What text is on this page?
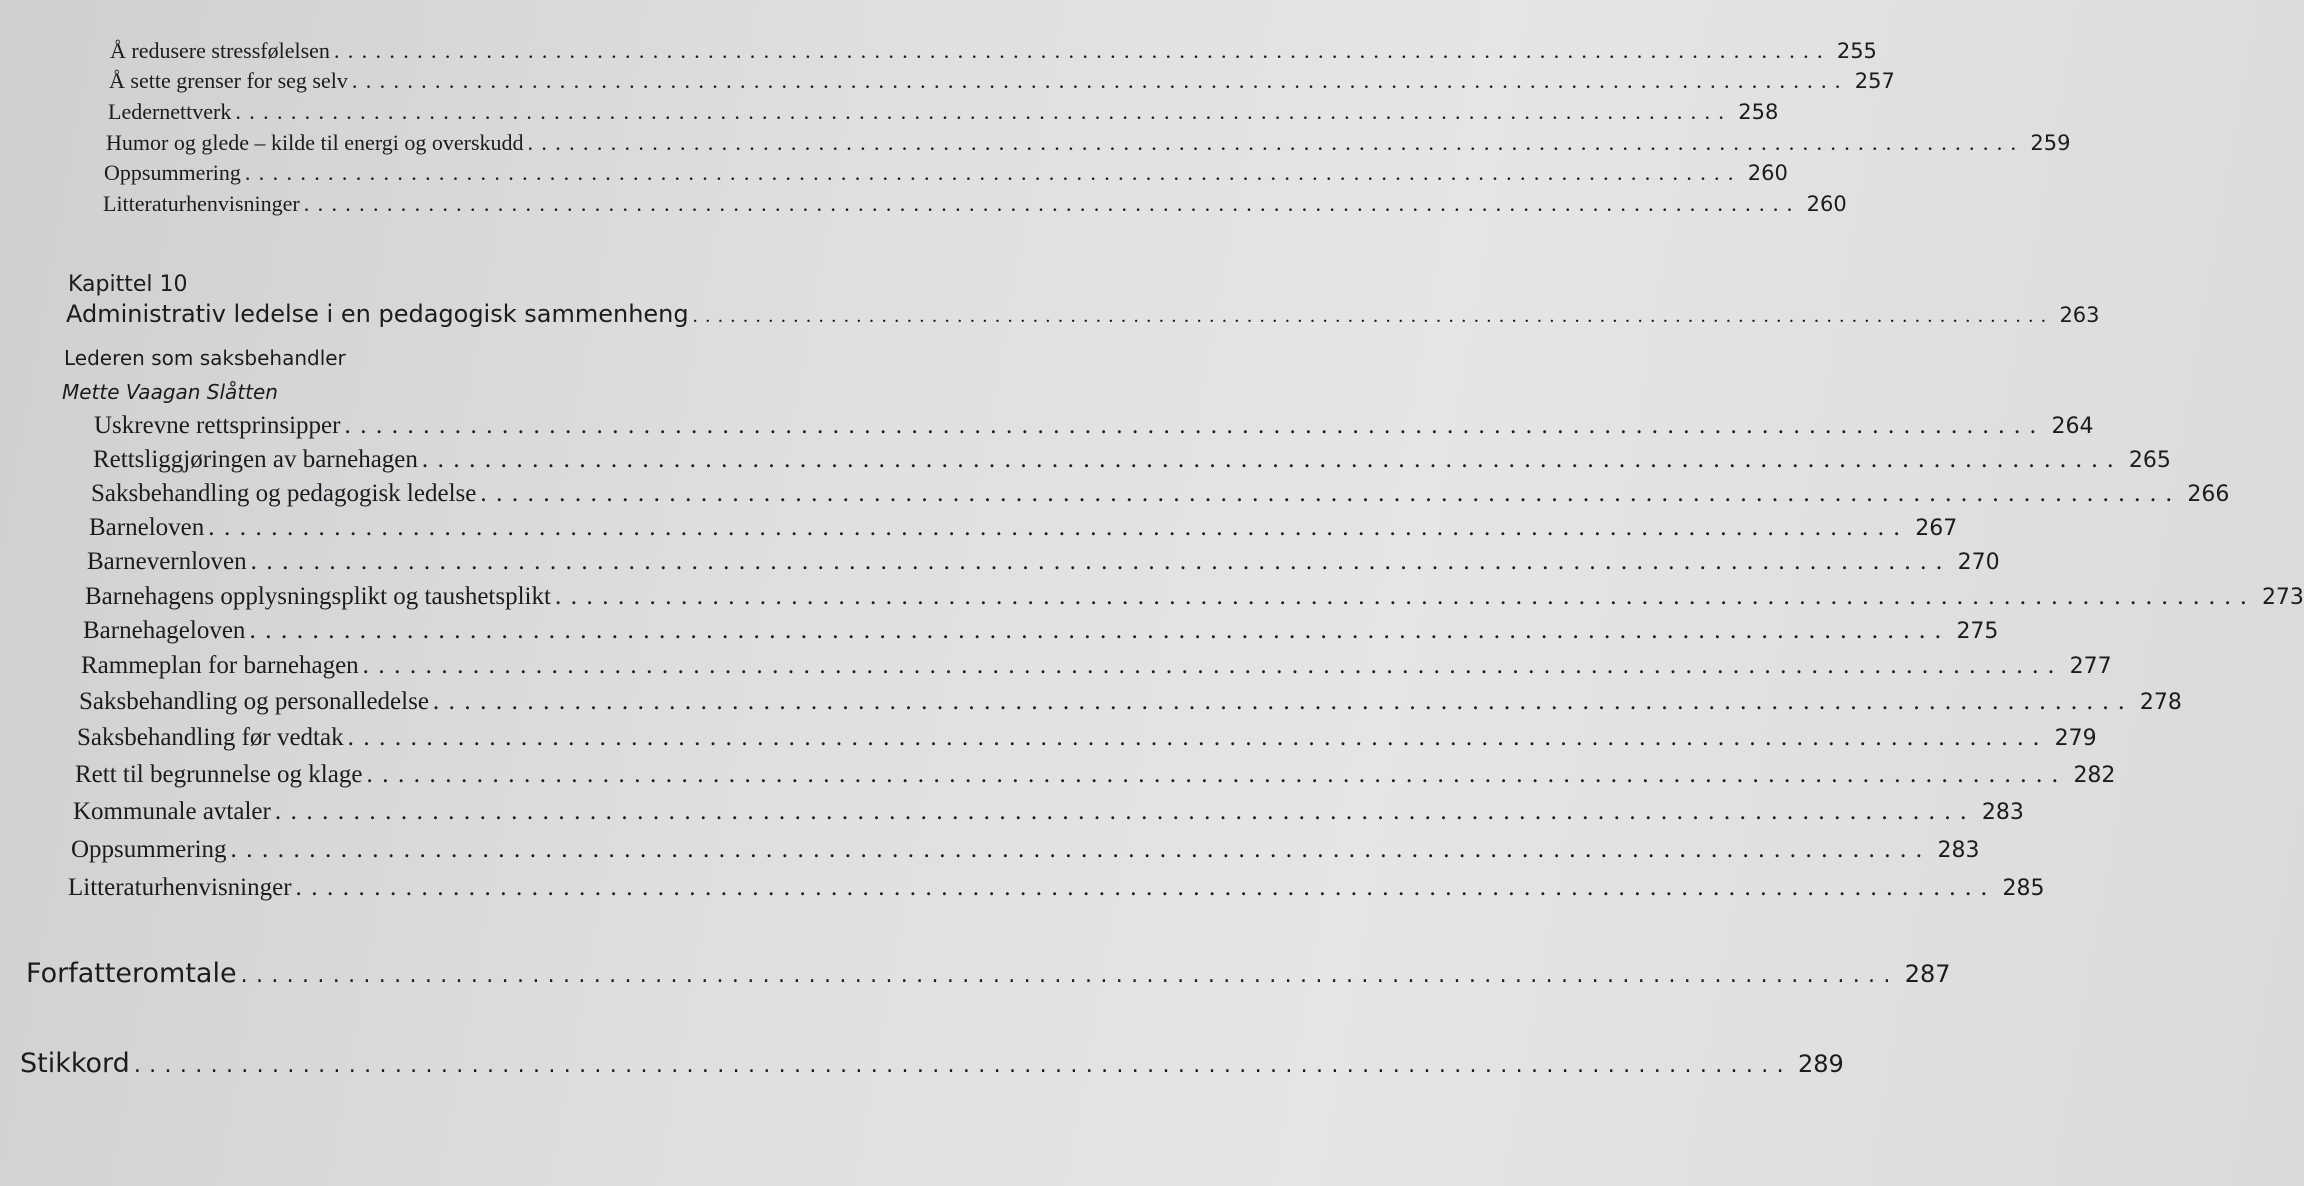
Å redusere stressfølelsen ............................................................................................................ 255
Å sette grenser for seg selv ............................................................................................................ 257
Ledernettverk ............................................................................................................ 258
Humor og glede – kilde til energi og overskudd ............................................................................................................ 259
Oppsummering ............................................................................................................ 260
Litteraturhenvisninger ............................................................................................................ 260
Kapittel 10
Administrativ ledelse i en pedagogisk sammenheng ............................................................................................................ 263
Lederen som saksbehandler
Mette Vaagan Slåtten
Uskrevne rettsprinsipper ............................................................................................................ 264
Rettsliggjøringen av barnehagen ............................................................................................................ 265
Saksbehandling og pedagogisk ledelse ............................................................................................................ 266
Barneloven ............................................................................................................ 267
Barnevernloven ............................................................................................................ 270
Barnehagens opplysningsplikt og taushetsplikt ............................................................................................................ 273
Barnehageloven ............................................................................................................ 275
Rammeplan for barnehagen ............................................................................................................ 277
Saksbehandling og personalledelse ............................................................................................................ 278
Saksbehandling før vedtak ............................................................................................................ 279
Rett til begrunnelse og klage ............................................................................................................ 282
Kommunale avtaler ............................................................................................................ 283
Oppsummering ............................................................................................................ 283
Litteraturhenvisninger ............................................................................................................ 285
Forfatteromtale ............................................................................................................ 287
Stikkord ............................................................................................................ 289
